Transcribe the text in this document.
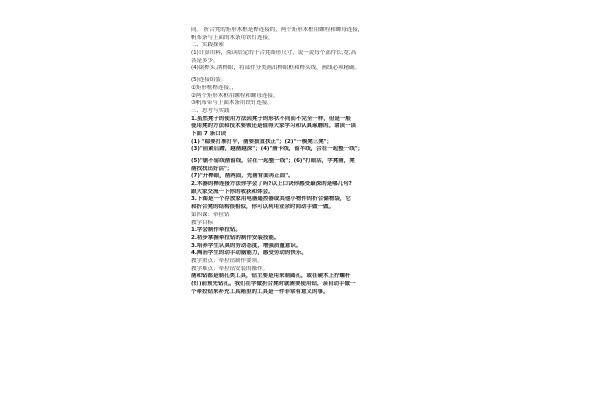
同。 折合凳的矩形木框是榫连接的，两个矩形木框用螺栓和螺母连接，
帆布条与上面的木条用铁钉连接。
二、实践探索
(1)计算用料，阅读给定的于合凳图形尺寸，说一说每个部件长,宽,高
各是多少。
(4)锯榫头,凿榫眼，将部件分类画出榫眼框和榫头线，画线必须精确。
(5)连接组装：
①矩形框榫连接。，
②两个矩形木框用螺栓和螺母连接。
③帆布带与上面木条用铁钉连接。
三、思考与实践
1.虽然凳子的使用方法因凳子的形状不同而不完全一样，但是一般
使用凳的方法和技术要领还是值得大家学习和认真琢磨的。请读一读
下面 7 条口诀
(1) "稳要打准打平，凿要拔直扶正"；(2)"一模凳三凳"；
(3)"前紧后蹭，越凿越深"；(4)"凿卡线，留半线，合在一起整一线"；
(5)"锯不留线凿留线，合在一起整一线"；(6)"打眼活，学凳凿，凳
凿找找出好活"；
(7)"开榫眼，凿两面，先凿背面再正面"。
2.木器的榫连接方法你学会了吗?以上口诀你感受最深的是哪几句?
跟大家交流一下你的收获和体会。
3.下图是一个存放家用电器遥控器或其他小物件的折合储物袋，它
和折合凳的结构很相似，你可以利用业余时间动手做一做。
第四课：牵拉钻
教学目标
1.学会制作牵拉钻。
2.初步掌握牵拉钻的制作安装技能。
3.培养学生认真的劳动态度，增强质量意识。
4.陶冶学生的动手动脑能力，感受劳动的快乐。
教学重点：牵拉钻制作要领。
教学难点：牵拉钻安装的操作。
凿和钻都是制孔类工具，钻主要是用来制圆孔，或在硬木上拧螺杆
(钉)前预先钻孔。我们在学做折合凳时就需要使用钻，亲自动手做一
个牵拉钻来补充工具箱里的工具是一件非常有意义的事。
